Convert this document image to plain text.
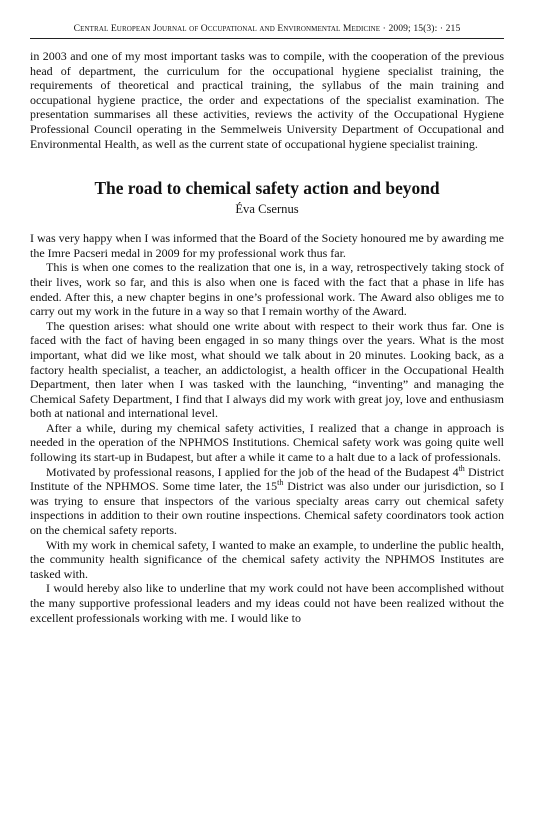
Central European Journal of Occupational and Environmental Medicine · 2009; 15(3): · 215

in 2003 and one of my most important tasks was to compile, with the cooperation of the previous head of department, the curriculum for the occupational hygiene specialist training, the requirements of theoretical and practical training, the syllabus of the main training and occupational hygiene practice, the order and expectations of the specialist examination. The presentation summarises all these activities, reviews the activity of the Occupational Hygiene Professional Council operating in the Semmelweis University Department of Occupational and Environmental Health, as well as the current state of occupational hygiene specialist training.

The road to chemical safety action and beyond
Éva Csernus

I was very happy when I was informed that the Board of the Society honoured me by awarding me the Imre Pacseri medal in 2009 for my professional work thus far.

This is when one comes to the realization that one is, in a way, retrospectively taking stock of their lives, work so far, and this is also when one is faced with the fact that a phase in life has ended. After this, a new chapter begins in one’s professional work. The Award also obliges me to carry out my work in the future in a way so that I remain worthy of the Award.

The question arises: what should one write about with respect to their work thus far. One is faced with the fact of having been engaged in so many things over the years. What is the most important, what did we like most, what should we talk about in 20 minutes. Looking back, as a factory health specialist, a teacher, an addictologist, a health officer in the Occupational Health Department, then later when I was tasked with the launching, “inventing” and managing the Chemical Safety Department, I find that I always did my work with great joy, love and enthusiasm both at national and international level.

After a while, during my chemical safety activities, I realized that a change in approach is needed in the operation of the NPHMOS Institutions. Chemical safety work was going quite well following its start-up in Budapest, but after a while it came to a halt due to a lack of professionals.

Motivated by professional reasons, I applied for the job of the head of the Budapest 4th District Institute of the NPHMOS. Some time later, the 15th District was also under our jurisdiction, so I was trying to ensure that inspectors of the various specialty areas carry out chemical safety inspections in addition to their own routine inspections. Chemical safety coordinators took action on the chemical safety reports.

With my work in chemical safety, I wanted to make an example, to underline the public health, the community health significance of the chemical safety activity the NPHMOS Institutes are tasked with.

I would hereby also like to underline that my work could not have been accomplished without the many supportive professional leaders and my ideas could not have been realized without the excellent professionals working with me. I would like to
